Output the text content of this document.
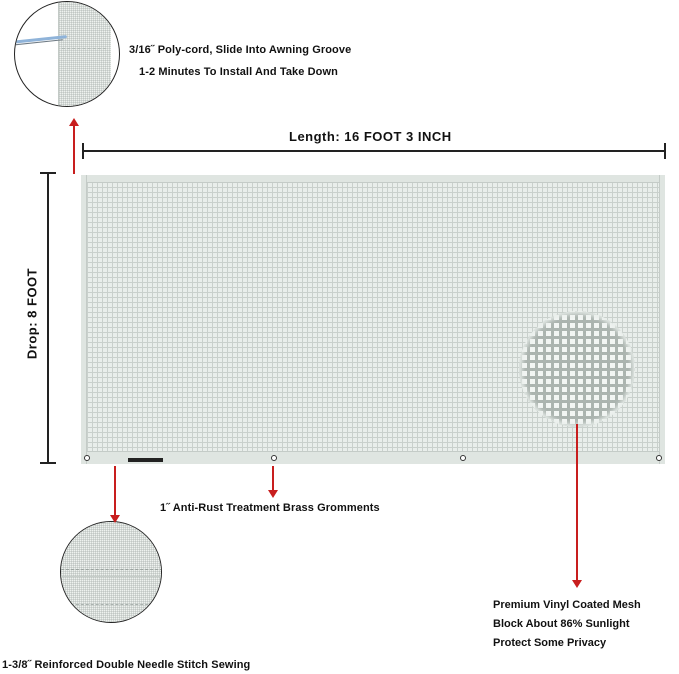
3/16˝ Poly-cord, Slide Into Awning Groove
1-2 Minutes To Install And Take Down
Length: 16 FOOT 3 INCH
Drop: 8 FOOT
1˝ Anti-Rust Treatment Brass Gromments
Premium Vinyl Coated Mesh
Block About 86% Sunlight
Protect Some Privacy
1-3/8˝ Reinforced Double Needle Stitch Sewing
